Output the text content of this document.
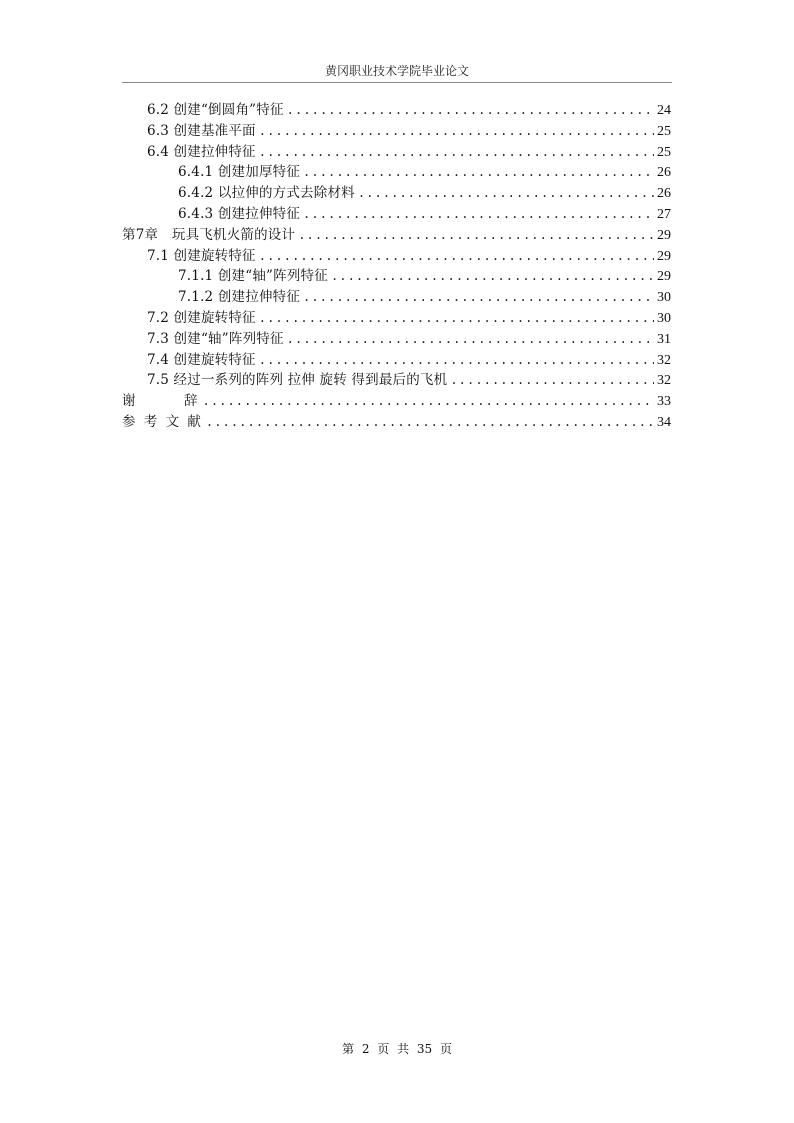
黄冈职业技术学院毕业论文
6.2 创建“倒圆角”特征 .....	24
6.3 创建基准平面 .....	25
6.4 创建拉伸特征 .....	25
6.4.1 创建加厚特征 .....	26
6.4.2 以拉伸的方式去除材料 .....	26
6.4.3 创建拉伸特征 .....	27
第7章　玩具飞机火箭的设计 .....	29
7.1 创建旋转特征 .....	29
7.1.1 创建“轴”阵列特征 .....	29
7.1.2 创建拉伸特征 .....	30
7.2 创建旋转特征 .....	30
7.3 创建“轴”阵列特征 .....	31
7.4 创建旋转特征 .....	32
7.5 经过一系列的阵列 拉伸 旋转 得到最后的飞机 .....	32
谢　　　辞 .....	33
参 考 文 献 .....	34
第 2 页 共 35 页
